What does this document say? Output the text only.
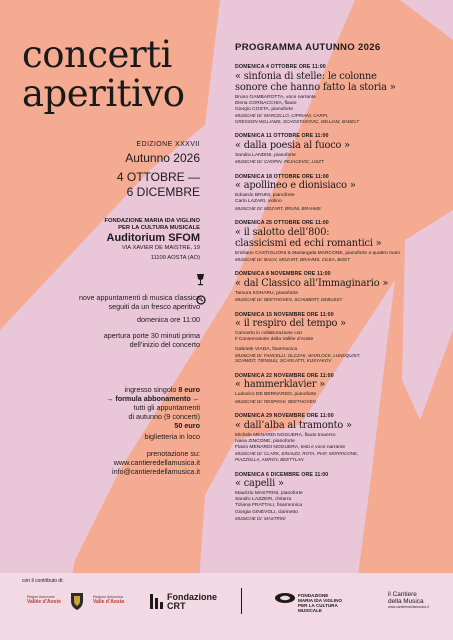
concerti
aperitivo
EDIZIONE XXXVII
Autunno 2026
4 OTTOBRE —
6 DICEMBRE
FONDAZIONE MARIA IDA VIGLINO
PER LA CULTURA MUSICALE
Auditorium SFOM
VIA XAVIER DE MAISTRE, 19
11100 AOSTA (AO)
nove appuntamenti di musica classica
seguiti da un fresco aperitivo
domenica ore 11:00
apertura porte 30 minuti prima
dell’inizio del concerto
ingresso singolo 8 euro
→ formula abbonamento ←
tutti gli appuntamenti
di autunno (9 concerti)
50 euro
biglietteria in loco
prenotazione su:
www.cantieredellamusica.it
info@cantieredellamusica.it
PROGRAMMA AUTUNNO 2026
DOMENICA 4 OTTOBRE ORE 11:00
« sinfonia di stelle: le colonne
sonore che hanno fatto la storia »
Bruno GAMBAROTTA, voce narrante
Elena CORNACCHIA, flauto
Giorgio COSTA, pianoforte
MUSICHE DI: MARCELLO, CIPRIANI, CARPI,
GRESSON-WILLIAMS, SCHOSTAKOVIC, WILLIAM, BADELT
DOMENICA 11 OTTOBRE ORE 11:00
« dalla poesia al fuoco »
Sandra LANDINI, pianoforte
MUSICHE DI: CHOPIN, PEJACEVIC, LISZT
DOMENICA 18 OTTOBRE ORE 11:00
« apollineo e dionisiaco »
Edoardo BRUNI, pianoforte
Carlo LAZARI, violino
MUSICHE DI: MOZART, BRUNI, BRAHMS
DOMENICA 25 OTTOBRE ORE 11:00
« il salotto dell’800:
classicismi ed echi romantici »
Emiliano CASTIGLIONI & Mariangela MARCONE, pianoforte a quattro mani
MUSICHE DI: BACH, MOZART, BRAHMS, CILEA, BIZET
DOMENICA 8 NOVEMBRE ORE 11:00
« dal Classico all’Immaginario »
Tamura KOHARU, pianoforte
MUSICHE DI: BEETHOVEN, SCHUBERT, DEBUSSY
DOMENICA 15 NOVEMBRE ORE 11:00
« il respiro del tempo »
Concerto in collaborazione con
Il Conservatoire della Vallée d’Aoste
Gabriele VIADA, fisarmonica
MUSICHE DI: FANCELLI, OLCZAK, WARLOCK, LUNDQUIST,
SCHMIDT, TIENSUU, SCARLATTI, KUSYAKOV
DOMENICA 22 NOVEMBRE ORE 11:00
« hammerklavier »
Ludovico DE BERNARDO, pianoforte
MUSICHE DI: RESPIGHI, BEETHOVEN
DOMENICA 29 NOVEMBRE ORE 11:00
« dall’alba al tramonto »
Michele MENARDI NOGUERA, flauto traverso
Ivana ZINCONE, pianoforte
Flavio MENARDI NOGUERA, testi e voce narrante
MUSICHE DI: CLARK, EINAUDI, ROTA, PIAF, MORRICONE,
PIAZZOLLA, AMROV, BEETTLAN
DOMENICA 6 DICEMBRE ORE 11:00
« capelli »
Maurizio MASTRINI, pianoforte
Sandro LAZZERI, chitarra
Tiziana FRATTALI, fisarmonica
Giorgia GINEVOLI, clarinetto
MUSICHE DI: MASTRINI
con il contributo di:
Région Autonome
Vallée d’Aoste
Regione Autonoma
Valle d’Aosta	Fondazione
CRT
FONDAZIONE
MARIA IDA VIGLINO
PER LA CULTURA
MUSICALE
il Cantiere
della Musica
www.cantieredellamusica.it
